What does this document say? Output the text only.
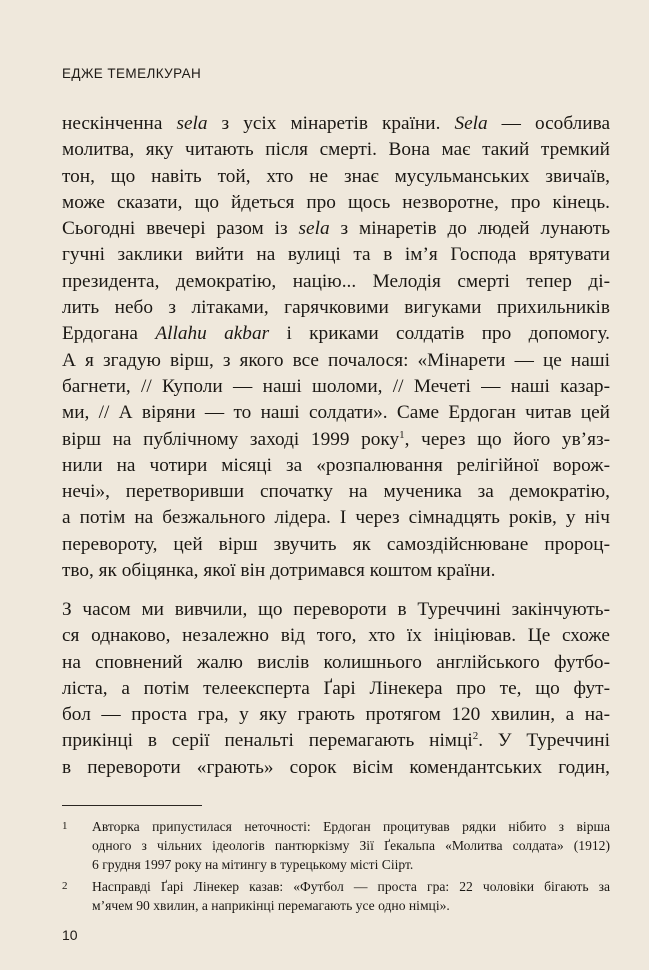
ЕДЖЕ ТЕМЕЛКУРАН
нескінченна sela з усіх мінаретів країни. Sela — особлива
молитва, яку читають після смерті. Вона має такий тремкий
тон, що навіть той, хто не знає мусульманських звичаїв,
може сказати, що йдеться про щось незворотне, про кінець.
Сьогодні ввечері разом із sela з мінаретів до людей лунають
гучні заклики вийти на вулиці та в ім’я Господа врятувати
президента, демократію, націю... Мелодія смерті тепер ді-
лить небо з літаками, гарячковими вигуками прихильників
Ердогана Allahu akbar і криками солдатів про допомогу.
А я згадую вірш, з якого все почалося: «Мінарети — це наші
багнети, // Куполи — наші шоломи, // Мечеті — наші казар-
ми, // А віряни — то наші солдати». Саме Ердоган читав цей
вірш на публічному заході 1999 року$^1$, через що його ув’яз-
нили на чотири місяці за «розпалювання релігійної ворож-
нечі», перетворивши спочатку на мученика за демократію,
а потім на безжального лідера. І через сімнадцять років, у ніч
перевороту, цей вірш звучить як самоздійснюване пророц-
тво, як обіцянка, якої він дотримався коштом країни.
З часом ми вивчили, що перевороти в Туреччині закінчують-
ся однаково, незалежно від того, хто їх ініціював. Це схоже
на сповнений жалю вислів колишнього англійського футбо-
ліста, а потім телеексперта Ґарі Лінекера про те, що фут-
бол — проста гра, у яку грають протягом 120 хвилин, а на-
прикінці в серії пенальті перемагають німці$^2$. У Туреччині
в перевороти «грають» сорок вісім комендантських годин,
1 Авторка припустилася неточності: Ердоган процитував рядки нібито з вірша
одного з чільних ідеологів пантюркізму Зії Ґекальпа «Молитва солдата» (1912)
6 грудня 1997 року на мітингу в турецькому місті Сіірт.
2 Насправді Ґарі Лінекер казав: «Футбол — проста гра: 22 чоловіки бігають за
м’ячем 90 хвилин, а наприкінці перемагають усе одно німці».
10
